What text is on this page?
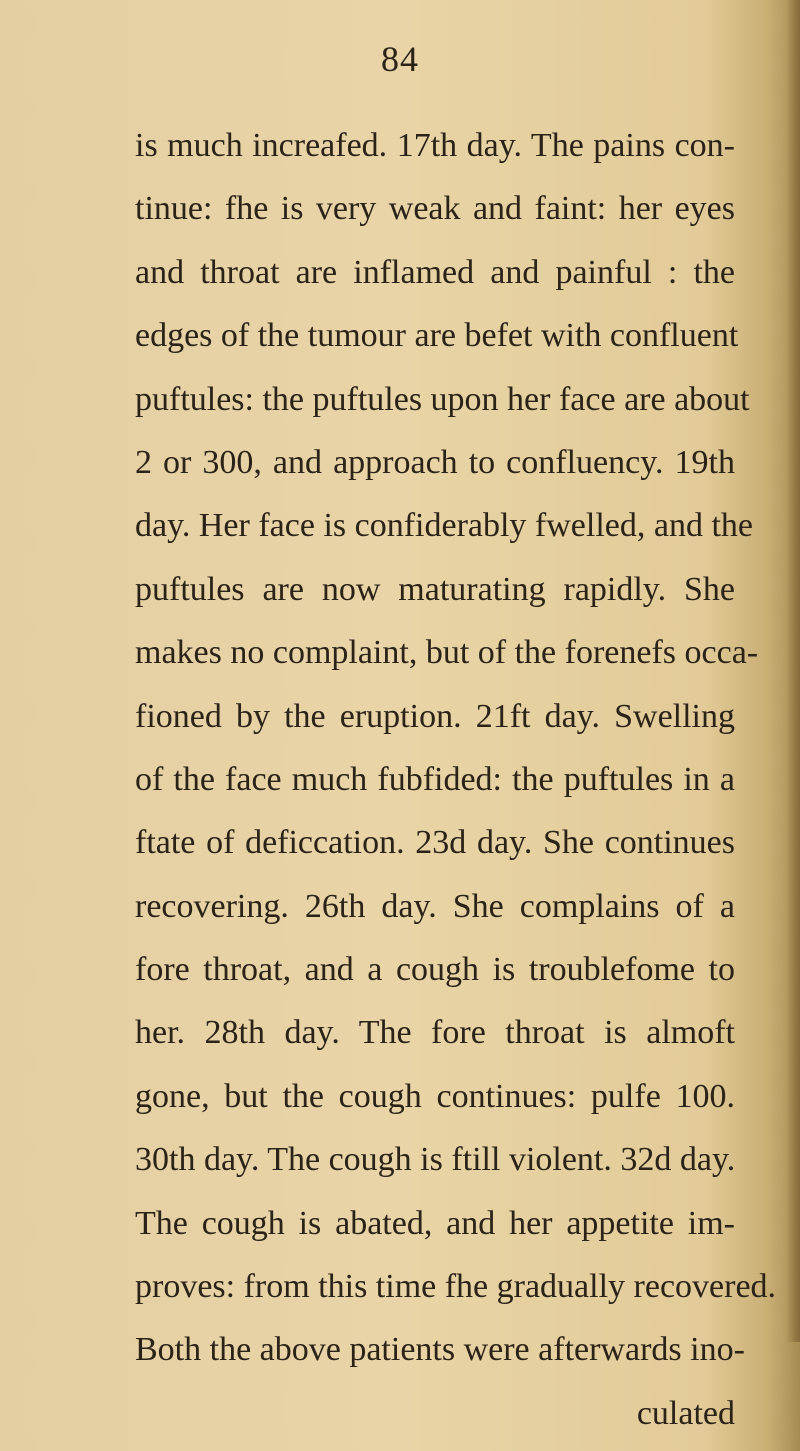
84
is much increafed. 17th day. The pains con-
tinue: fhe is very weak and faint: her eyes
and throat are inflamed and painful : the
edges of the tumour are befet with confluent
puftules: the puftules upon her face are about
2 or 300, and approach to confluency. 19th
day. Her face is confiderably fwelled, and the
puftules are now maturating rapidly. She
makes no complaint, but of the forenefs occa-
fioned by the eruption. 21ft day. Swelling
of the face much fubfided: the puftules in a
ftate of deficcation. 23d day. She continues
recovering. 26th day. She complains of a
fore throat, and a cough is troublefome to
her. 28th day. The fore throat is almoft
gone, but the cough continues: pulfe 100.
30th day. The cough is ftill violent. 32d day.
The cough is abated, and her appetite im-
proves: from this time fhe gradually recovered.
Both the above patients were afterwards ino-
culated
